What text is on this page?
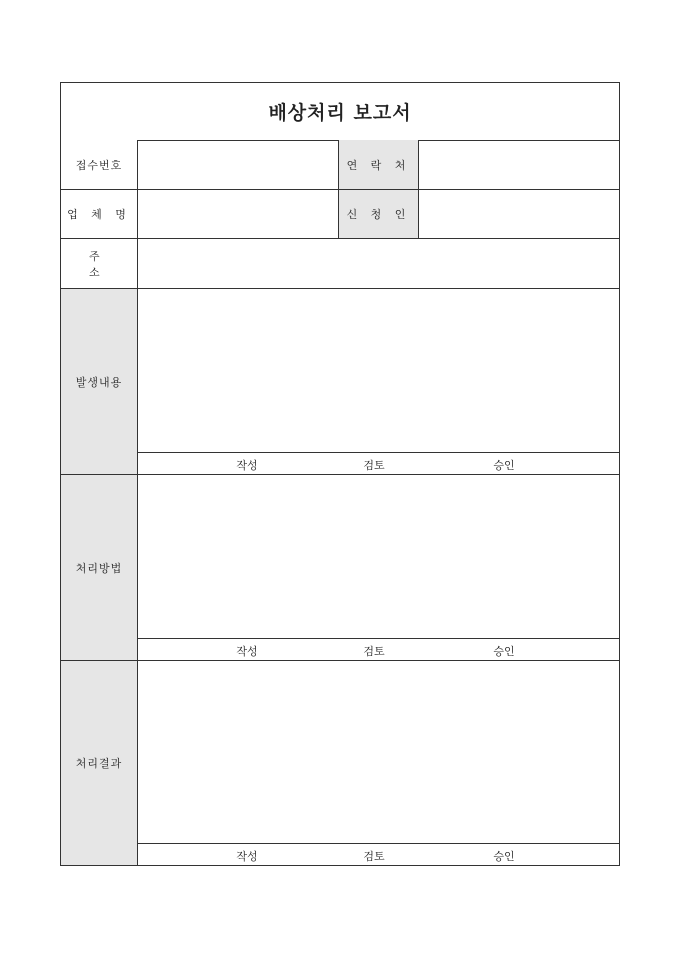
배상처리 보고서
접수번호	연 락 처
업 체 명	신 청 인
주 소
발생내용
작성	검토	승인
처리방법
작성	검토	승인
처리결과
작성	검토	승인
